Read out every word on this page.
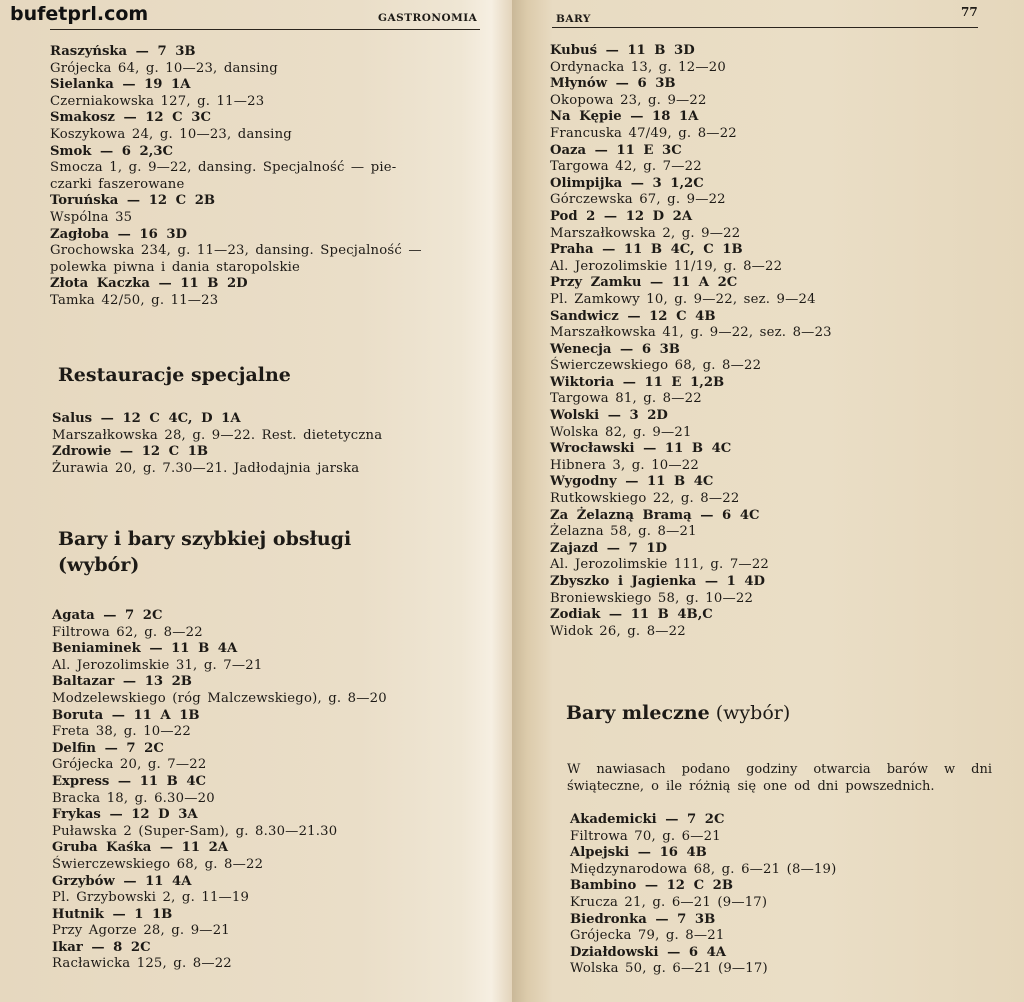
bufetprl.com	GASTRONOMIA
Raszyńska — 7 3B
Grójecka 64, g. 10—23, dansing
Sielanka — 19 1A
Czerniakowska 127, g. 11—23
Smakosz — 12 C 3C
Koszykowa 24, g. 10—23, dansing
Smok — 6 2,3C
Smocza 1, g. 9—22, dansing. Specjalność — pie-
czarki faszerowane
Toruńska — 12 C 2B
Wspólna 35
Zagłoba — 16 3D
Grochowska 234, g. 11—23, dansing. Specjalność —
polewka piwna i dania staropolskie
Złota Kaczka — 11 B 2D
Tamka 42/50, g. 11—23
Restauracje specjalne
Salus — 12 C 4C, D 1A
Marszałkowska 28, g. 9—22. Rest. dietetyczna
Zdrowie — 12 C 1B
Żurawia 20, g. 7.30—21. Jadłodajnia jarska
Bary i bary szybkiej obsługi
(wybór)
Agata — 7 2C
Filtrowa 62, g. 8—22
Beniaminek — 11 B 4A
Al. Jerozolimskie 31, g. 7—21
Baltazar — 13 2B
Modzelewskiego (róg Malczewskiego), g. 8—20
Boruta — 11 A 1B
Freta 38, g. 10—22
Delfin — 7 2C
Grójecka 20, g. 7—22
Express — 11 B 4C
Bracka 18, g. 6.30—20
Frykas — 12 D 3A
Puławska 2 (Super-Sam), g. 8.30—21.30
Gruba Kaśka — 11 2A
Świerczewskiego 68, g. 8—22
Grzybów — 11 4A
Pl. Grzybowski 2, g. 11—19
Hutnik — 1 1B
Przy Agorze 28, g. 9—21
Ikar — 8 2C
Racławicka 125, g. 8—22
BARY	77
Kubuś — 11 B 3D
Ordynacka 13, g. 12—20
Młynów — 6 3B
Okopowa 23, g. 9—22
Na Kępie — 18 1A
Francuska 47/49, g. 8—22
Oaza — 11 E 3C
Targowa 42, g. 7—22
Olimpijka — 3 1,2C
Górczewska 67, g. 9—22
Pod 2 — 12 D 2A
Marszałkowska 2, g. 9—22
Praha — 11 B 4C, C 1B
Al. Jerozolimskie 11/19, g. 8—22
Przy Zamku — 11 A 2C
Pl. Zamkowy 10, g. 9—22, sez. 9—24
Sandwicz — 12 C 4B
Marszałkowska 41, g. 9—22, sez. 8—23
Wenecja — 6 3B
Świerczewskiego 68, g. 8—22
Wiktoria — 11 E 1,2B
Targowa 81, g. 8—22
Wolski — 3 2D
Wolska 82, g. 9—21
Wrocławski — 11 B 4C
Hibnera 3, g. 10—22
Wygodny — 11 B 4C
Rutkowskiego 22, g. 8—22
Za Żelazną Bramą — 6 4C
Żelazna 58, g. 8—21
Zajazd — 7 1D
Al. Jerozolimskie 111, g. 7—22
Zbyszko i Jagienka — 1 4D
Broniewskiego 58, g. 10—22
Zodiak — 11 B 4B,C
Widok 26, g. 8—22
Bary mleczne (wybór)
W nawiasach podano godziny otwarcia barów w dni świąteczne, o ile różnią się one od dni powszednich.
Akademicki — 7 2C
Filtrowa 70, g. 6—21
Alpejski — 16 4B
Międzynarodowa 68, g. 6—21 (8—19)
Bambino — 12 C 2B
Krucza 21, g. 6—21 (9—17)
Biedronka — 7 3B
Grójecka 79, g. 8—21
Działdowski — 6 4A
Wolska 50, g. 6—21 (9—17)
